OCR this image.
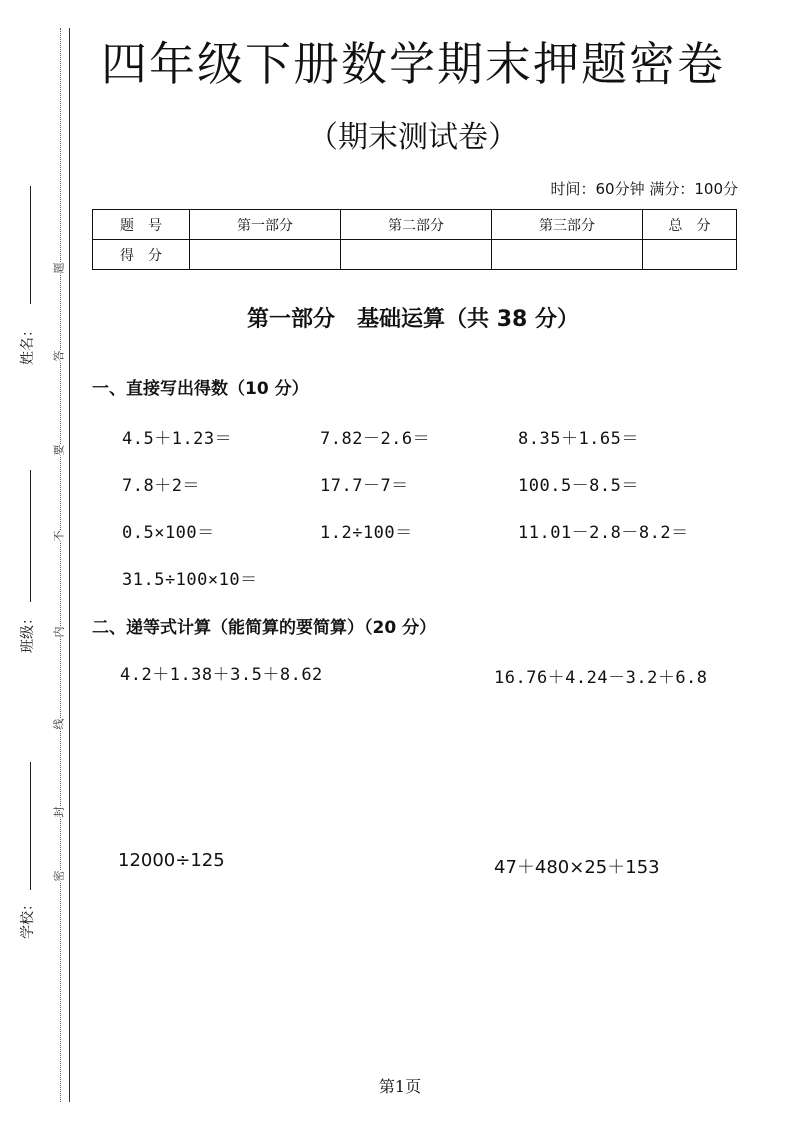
题
答
要
不
内
线
封
密
姓名：
班级：
学校：
四年级下册数学期末押题密卷
（期末测试卷）
时间：60分钟 满分：100分
题　号	第一部分	第二部分	第三部分	总　分
得　分				
第一部分　基础运算（共 38 分）
一、直接写出得数（10 分）
4.5＋1.23＝	7.82－2.6＝	8.35＋1.65＝
7.8＋2＝	17.7－7＝	100.5－8.5＝
0.5×100＝	1.2÷100＝	11.01－2.8－8.2＝
31.5÷100×10＝
二、递等式计算（能简算的要简算）（20 分）
4.2＋1.38＋3.5＋8.62	16.76＋4.24－3.2＋6.8
12000÷125	47＋480×25＋153
第1页
